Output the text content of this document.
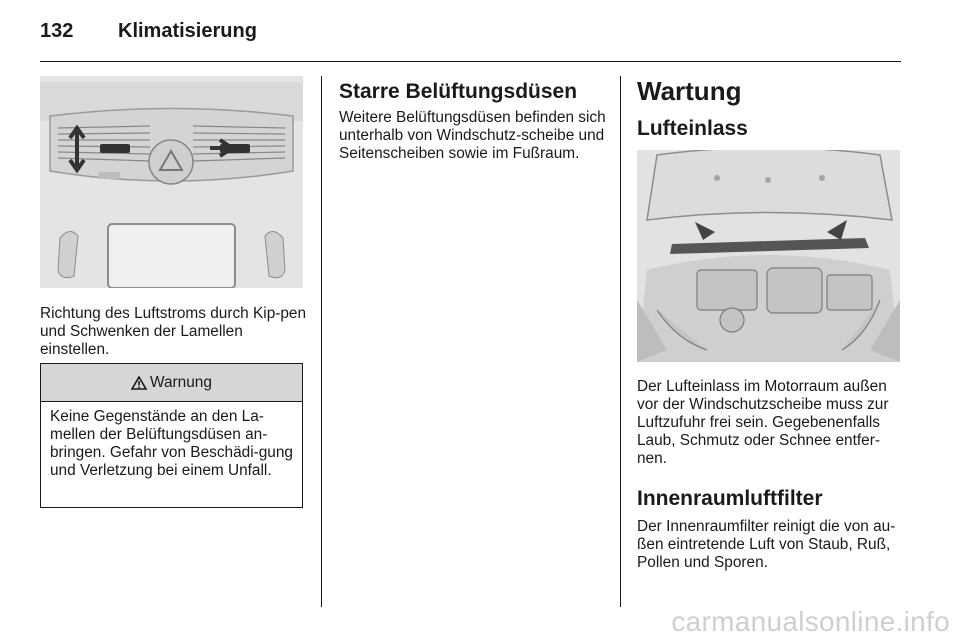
132 Klimatisierung
Richtung des Luftstroms durch Kip-pen und Schwenken der Lamellen einstellen.
Warnung
Keine Gegenstände an den La-mellen der Belüftungsdüsen an-bringen. Gefahr von Beschädi-gung und Verletzung bei einem Unfall.
Starre Belüftungsdüsen
Weitere Belüftungsdüsen befinden sich unterhalb von Windschutz-scheibe und Seitenscheiben sowie im Fußraum.
Wartung
Lufteinlass
Der Lufteinlass im Motorraum außen vor der Windschutzscheibe muss zur Luftzufuhr frei sein. Gegebenenfalls Laub, Schmutz oder Schnee entfer-nen.
Innenraumluftfilter
Der Innenraumfilter reinigt die von au-ßen eintretende Luft von Staub, Ruß, Pollen und Sporen.
carmanualsonline.info
